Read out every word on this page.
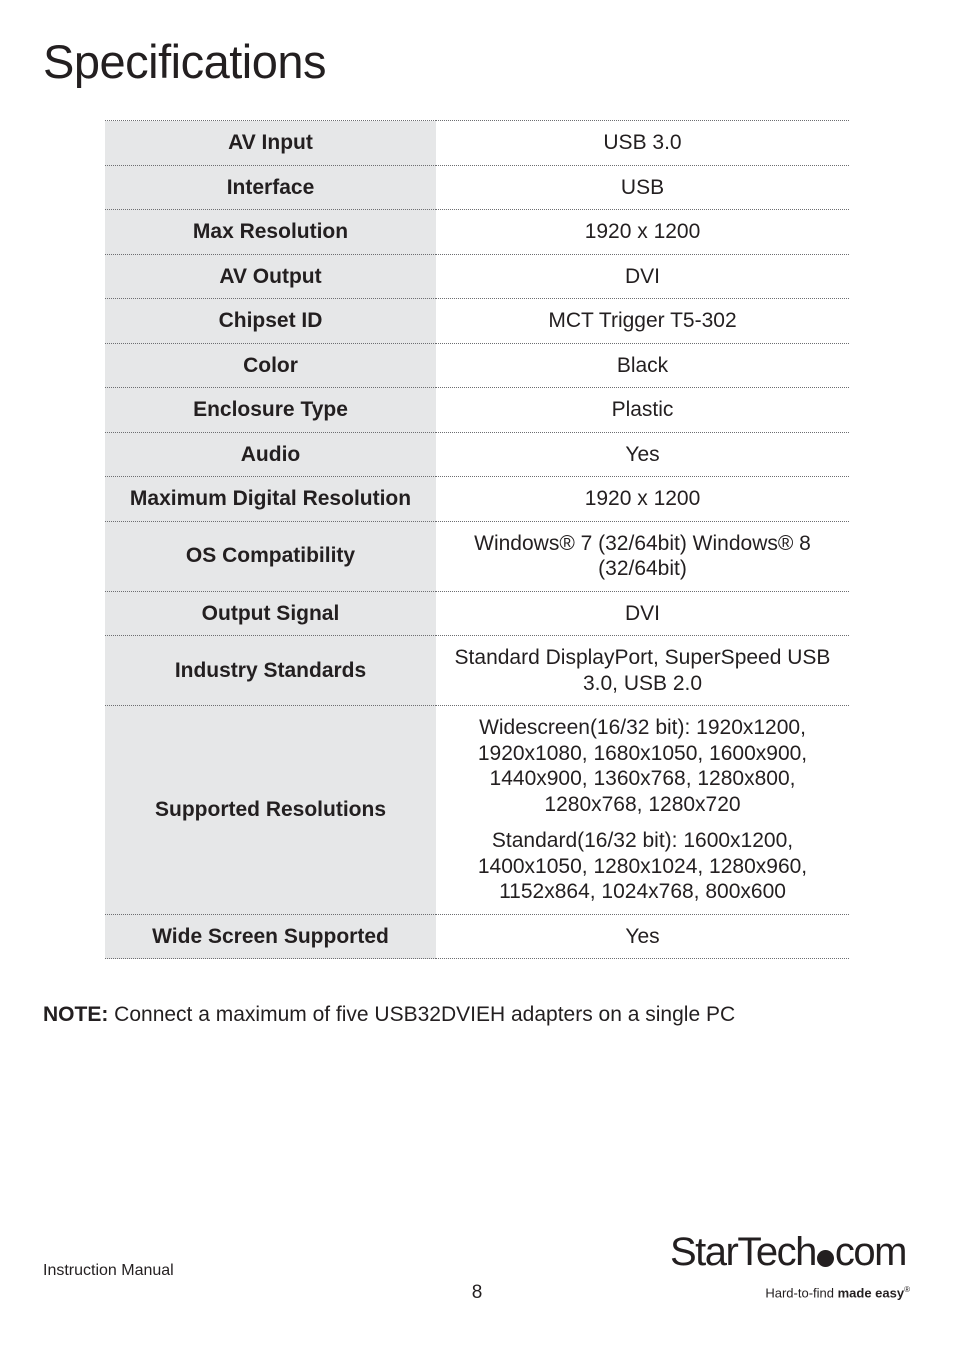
Specifications
AV Input	USB 3.0

Interface	USB

Max Resolution	1920 x 1200

AV Output	DVI

Chipset ID	MCT Trigger T5-302

Color	Black

Enclosure Type	Plastic

Audio	Yes

Maximum Digital Resolution	1920 x 1200

OS Compatibility	Windows® 7 (32/64bit) Windows® 8 (32/64bit)

Output Signal	DVI

Industry Standards	Standard DisplayPort, SuperSpeed USB 3.0, USB 2.0

Supported Resolutions	Widescreen(16/32 bit): 1920x1200, 1920x1080, 1680x1050, 1600x900, 1440x900, 1360x768, 1280x800, 1280x768, 1280x720
Standard(16/32 bit): 1600x1200, 1400x1050, 1280x1024, 1280x960, 1152x864, 1024x768, 800x600

Wide Screen Supported	Yes

NOTE: Connect a maximum of five USB32DVIEH adapters on a single PC

Instruction Manual
8
StarTech com
Hard-to-find made easy®
